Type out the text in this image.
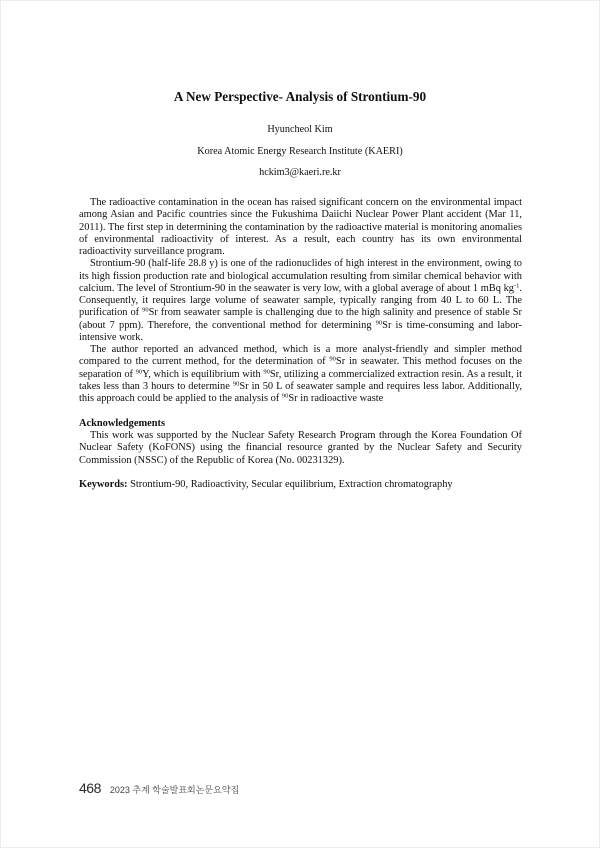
A New Perspective- Analysis of Strontium-90
Hyuncheol Kim
Korea Atomic Energy Research Institute (KAERI)
hckim3@kaeri.re.kr

The radioactive contamination in the ocean has raised significant concern on the environmental impact among Asian and Pacific countries since the Fukushima Daiichi Nuclear Power Plant accident (Mar 11, 2011). The first step in determining the contamination by the radioactive material is monitoring anomalies of environmental radioactivity of interest. As a result, each country has its own environmental radioactivity surveillance program.

Strontium-90 (half-life 28.8 y) is one of the radionuclides of high interest in the environment, owing to its high fission production rate and biological accumulation resulting from similar chemical behavior with calcium. The level of Strontium-90 in the seawater is very low, with a global average of about 1 mBq $kg^{-1}$. Consequently, it requires large volume of seawater sample, typically ranging from 40 L to 60 L. The purification of $^{90}$Sr from seawater sample is challenging due to the high salinity and presence of stable Sr (about 7 ppm). Therefore, the conventional method for determining $^{90}$Sr is time-consuming and labor-intensive work.

The author reported an advanced method, which is a more analyst-friendly and simpler method compared to the current method, for the determination of $^{90}$Sr in seawater. This method focuses on the separation of $^{90}$Y, which is equilibrium with $^{90}$Sr, utilizing a commercialized extraction resin. As a result, it takes less than 3 hours to determine $^{90}$Sr in 50 L of seawater sample and requires less labor. Additionally, this approach could be applied to the analysis of $^{90}$Sr in radioactive waste

Acknowledgements

This work was supported by the Nuclear Safety Research Program through the Korea Foundation Of Nuclear Safety (KoFONS) using the financial resource granted by the Nuclear Safety and Security Commission (NSSC) of the Republic of Korea (No. 00231329).

Keywords: Strontium-90, Radioactivity, Secular equilibrium, Extraction chromatography

468 2023 추계 학술발표회논문요약집
